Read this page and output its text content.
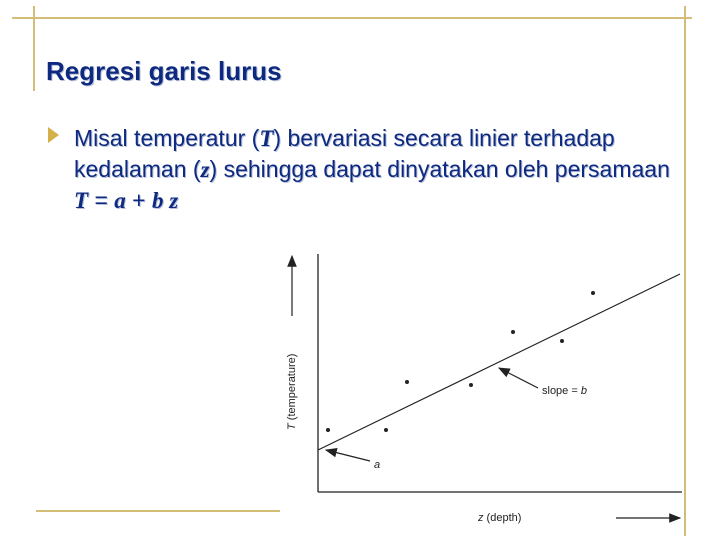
Regresi garis lurus
Misal temperatur (T) bervariasi secara linier terhadap kedalaman (z) sehingga dapat dinyatakan oleh persamaan T = a + b z
T (temperature)
z (depth)
slope = b
a
